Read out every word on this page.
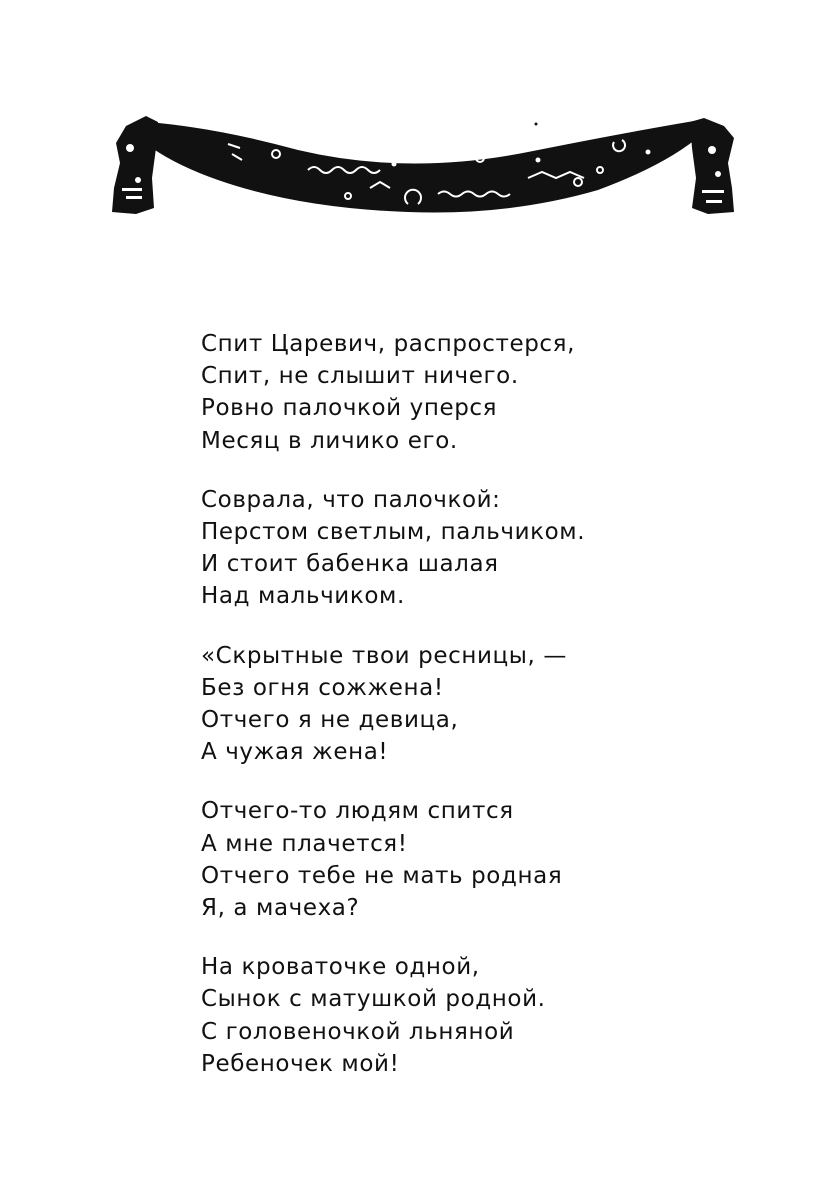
Спит Царевич, распростерся,
Спит, не слышит ничего.
Ровно палочкой уперся
Месяц в личико его.
Соврала, что палочкой:
Перстом светлым, пальчиком.
И стоит бабенка шалая
Над мальчиком.
«Скрытные твои ресницы, —
Без огня сожжена!
Отчего я не девица,
А чужая жена!
Отчего-то людям спится
А мне плачется!
Отчего тебе не мать родная
Я, а мачеха?
На кроваточке одной,
Сынок с матушкой родной.
С головеночкой льняной
Ребеночек мой!
